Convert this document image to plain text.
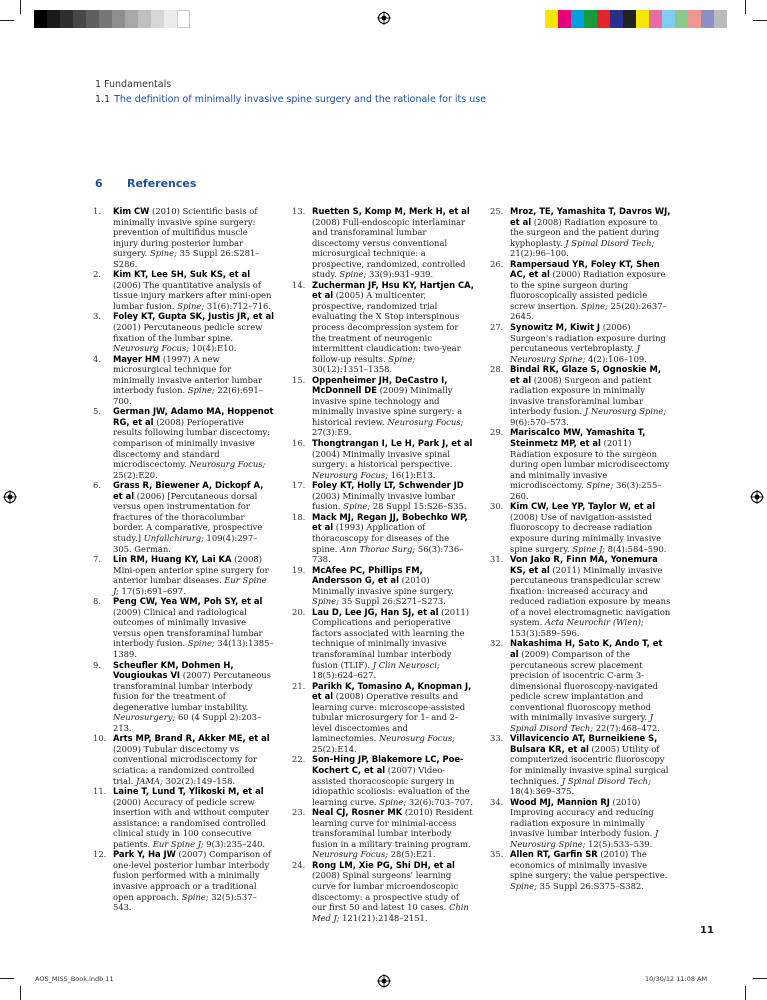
1 Fundamentals
1.1 The definition of minimally invasive spine surgery and the rationale for its use
6 References
1.	Kim CW (2010) Scientific basis of minimally invasive spine surgery: prevention of multifidus muscle injury during posterior lumbar surgery. Spine; 35 Suppl 26:S281–S286.
2.	Kim KT, Lee SH, Suk KS, et al (2006) The quantitative analysis of tissue injury markers after mini-open lumbar fusion. Spine; 31(6):712–716.
3.	Foley KT, Gupta SK, Justis JR, et al (2001) Percutaneous pedicle screw fixation of the lumbar spine. Neurosurg Focus; 10(4):E10.
4.	Mayer HM (1997) A new microsurgical technique for minimally invasive anterior lumbar interbody fusion. Spine; 22(6):691–700.
5.	German JW, Adamo MA, Hoppenot RG, et al (2008) Perioperative results following lumbar discectomy: comparison of minimally invasive discectomy and standard microdiscectomy. Neurosurg Focus; 25(2):E20.
6.	Grass R, Biewener A, Dickopf A, et al (2006) [Percutaneous dorsal versus open instrumentation for fractures of the thoracolumbar border. A comparative, prospective study.] Unfallchirurg; 109(4):297–305. German.
7.	Lin RM, Huang KY, Lai KA (2008) Mini-open anterior spine surgery for anterior lumbar diseases. Eur Spine J; 17(5):691–697.
8.	Peng CW, Yea WM, Poh SY, et al (2009) Clinical and radiological outcomes of minimally invasive versus open transforaminal lumbar interbody fusion. Spine; 34(13):1385–1389.
9.	Scheufler KM, Dohmen H, Vougioukas VI (2007) Percutaneous transforaminal lumbar interbody fusion for the treatment of degenerative lumbar instability. Neurosurgery; 60 (4 Suppl 2):203–213.
10. Arts MP, Brand R, Akker ME, et al (2009) Tubular discectomy vs conventional microdiscectomy for sciatica: a randomized controlled trial. JAMA; 302(2):149–158.
11. Laine T, Lund T, Ylikoski M, et al (2000) Accuracy of pedicle screw insertion with and without computer assistance: a randomised controlled clinical study in 100 consecutive patients. Eur Spine J; 9(3):235–240.
12. Park Y, Ha JW (2007) Comparison of one-level posterior lumbar interbody fusion performed with a minimally invasive approach or a traditional open approach. Spine; 32(5):537–543.
13. Ruetten S, Komp M, Merk H, et al (2008) Full-endoscopic interlaminar and transforaminal lumbar discectomy versus conventional microsurgical technique: a prospective, randomized, controlled study. Spine; 33(9):931–939.
14. Zucherman JF, Hsu KY, Hartjen CA, et al (2005) A multicenter, prospective, randomized trial evaluating the X Stop interspinous process decompression system for the treatment of neurogenic intermittent claudication: two-year follow-up results. Spine; 30(12):1351–1358.
15. Oppenheimer JH, DeCastro I, McDonnell DE (2009) Minimally invasive spine technology and minimally invasive spine surgery: a historical review. Neurosurg Focus; 27(3):E9.
16. Thongtrangan I, Le H, Park J, et al (2004) Minimally invasive spinal surgery: a historical perspective. Neurosurg Focus; 16(1):E13.
17. Foley KT, Holly LT, Schwender JD (2003) Minimally invasive lumbar fusion. Spine; 28 Suppl 15:S26–S35.
18. Mack MJ, Regan JJ, Bobechko WP, et al (1993) Application of thoracoscopy for diseases of the spine. Ann Thorac Surg; 56(3):736–738.
19. McAfee PC, Phillips FM, Andersson G, et al (2010) Minimally invasive spine surgery. Spine; 35 Suppl 26:S271–S273.
20. Lau D, Lee JG, Han SJ, et al (2011) Complications and perioperative factors associated with learning the technique of minimally invasive transforaminal lumbar interbody fusion (TLIF). J Clin Neurosci; 18(5):624–627.
21. Parikh K, Tomasino A, Knopman J, et al (2008) Operative results and learning curve: microscope-assisted tubular microsurgery for 1- and 2-level discectomies and laminectomies. Neurosurg Focus; 25(2):E14.
22. Son-Hing JP, Blakemore LC, Poe-Kochert C, et al (2007) Video-assisted thoracoscopic surgery in idiopathic scoliosis: evaluation of the learning curve. Spine; 32(6):703–707.
23. Neal CJ, Rosner MK (2010) Resident learning curve for minimal-access transforaminal lumbar interbody fusion in a military training program. Neurosurg Focus; 28(5):E21.
24. Rong LM, Xie PG, Shi DH, et al (2008) Spinal surgeons' learning curve for lumbar microendoscopic discectomy: a prospective study of our first 50 and latest 10 cases. Chin Med J; 121(21):2148–2151.
25. Mroz, TE, Yamashita T, Davros WJ, et al (2008) Radiation exposure to the surgeon and the patient during kyphoplasty. J Spinal Disord Tech; 21(2):96–100.
26. Rampersaud YR, Foley KT, Shen AC, et al (2000) Radiation exposure to the spine surgeon during fluoroscopically assisted pedicle screw insertion. Spine; 25(20):2637–2645.
27. Synowitz M, Kiwit J (2006) Surgeon's radiation exposure during percutaneous vertebroplasty. J Neurosurg Spine; 4(2):106–109.
28. Bindal RK, Glaze S, Ognoskie M, et al (2008) Surgeon and patient radiation exposure in minimally invasive transforaminal lumbar interbody fusion. J Neurosurg Spine; 9(6):570–573.
29. Mariscalco MW, Yamashita T, Steinmetz MP, et al (2011) Radiation exposure to the surgeon during open lumbar microdiscectomy and minimally invasive microdiscectomy. Spine; 36(3):255–260.
30. Kim CW, Lee YP, Taylor W, et al (2008) Use of navigation-assisted fluoroscopy to decrease radiation exposure during minimally invasive spine surgery. Spine J; 8(4):584–590.
31. Von Jako R, Finn MA, Yonemura KS, et al (2011) Minimally invasive percutaneous transpedicular screw fixation: increased accuracy and reduced radiation exposure by means of a novel electromagnetic navigation system. Acta Neurochir (Wien); 153(3):589–596.
32. Nakashima H, Sato K, Ando T, et al (2009) Comparison of the percutaneous screw placement precision of isocentric C-arm 3-dimensional fluoroscopy-navigated pedicle screw implantation and conventional fluoroscopy method with minimally invasive surgery. J Spinal Disord Tech; 22(7):468–472.
33. Villavicencio AT, Burneikiene S, Bulsara KR, et al (2005) Utility of computerized isocentric fluoroscopy for minimally invasive spinal surgical techniques. J Spinal Disord Tech; 18(4):369–375.
34. Wood MJ, Mannion RJ (2010) Improving accuracy and reducing radiation exposure in minimally invasive lumbar interbody fusion. J Neurosurg Spine; 12(5):533–539.
35. Allen RT, Garfin SR (2010) The economics of minimally invasive spine surgery: the value perspective. Spine; 35 Suppl 26:S375–S382.
11
AOS_MISS_Book.indb 11	10/30/12 11:08 AM
